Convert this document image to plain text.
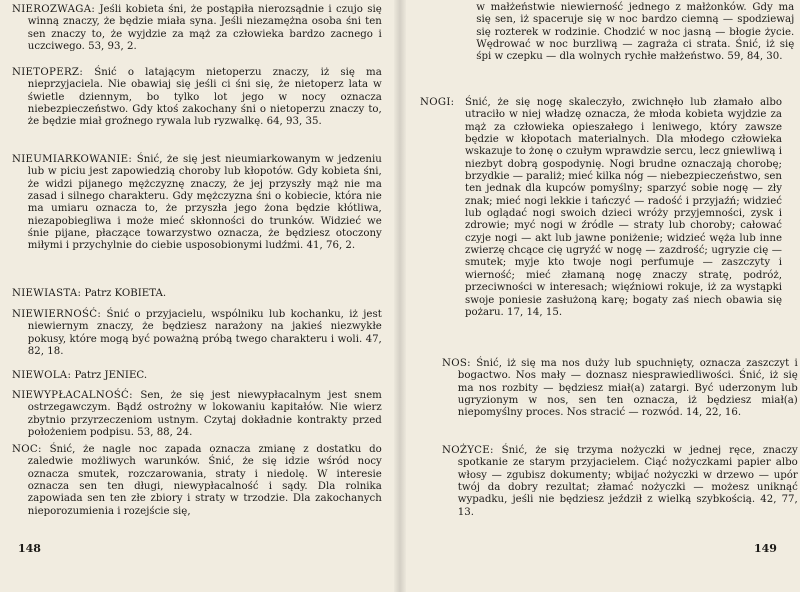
NIEROZWAGA: Jeśli kobieta śni, że postąpiła nierozsądnie i czujo się winną znaczy, że będzie miała syna. Jeśli niezamężna osoba śni ten sen znaczy to, że wyjdzie za mąż za człowieka bardzo zacnego i uczciwego. 53, 93, 2.
NIETOPERZ: Śnić o latającym nietoperzu znaczy, iż się ma nieprzyjaciela. Nie obawiaj się jeśli ci śni się, że nietoperz lata w świetle dziennym, bo tylko lot jego w nocy oznacza niebezpieczeństwo. Gdy ktoś zakochany śni o nietoperzu znaczy to, że będzie miał groźnego rywala lub ryzwalkę. 64, 93, 35.
NIEUMIARKOWANIE: Śnić, że się jest nieumiarkowanym w jedzeniu lub w piciu jest zapowiedzią choroby lub kłopotów. Gdy kobieta śni, że widzi pijanego mężczyznę znaczy, że jej przyszły mąż nie ma zasad i silnego charakteru. Gdy mężczyzna śni o kobiecie, która nie ma umiaru oznacza to, że przyszła jego żona będzie kłótliwa, niezapobiegliwa i może mieć skłonności do trunków. Widzieć we śnie pijane, płaczące towarzystwo oznacza, że będziesz otoczony miłymi i przychylnie do ciebie usposobionymi ludźmi. 41, 76, 2.
NIEWIASTA: Patrz KOBIETA.
NIEWIERNOŚĆ: Śnić o przyjacielu, wspólniku lub kochanku, iż jest niewiernym znaczy, że będziesz narażony na jakieś niezwykłe pokusy, które mogą być poważną próbą twego charakteru i woli. 47, 82, 18.
NIEWOLA: Patrz JENIEC.
NIEWYPŁACALNOŚĆ: Sen, że się jest niewypłacalnym jest snem ostrzegawczym. Bądź ostrożny w lokowaniu kapitałów. Nie wierz zbytnio przyrzeczeniom ustnym. Czytaj dokładnie kontrakty przed położeniem podpisu. 53, 88, 24.
NOC: Śnić, że nagle noc zapada oznacza zmianę z dostatku do zaledwie możliwych warunków. Śnić, że się idzie wśród nocy oznacza smutek, rozczarowania, straty i niedolę. W interesie oznacza sen ten długi, niewypłacalność i sądy. Dla rolnika zapowiada sen ten złe zbiory i straty w trzodzie. Dla zakochanych nieporozumienia i rozejście się,
148
w małżeństwie niewierność jednego z małżonków. Gdy ma się sen, iż spaceruje się w noc bardzo ciemną — spodziewaj się rozterek w rodzinie. Chodzić w noc jasną — błogie życie. Wędrować w noc burzliwą — zagraża ci strata. Śnić, iż się śpi w czepku — dla wolnych rychłe małżeństwo. 59, 84, 30.
NOGI: Śnić, że się nogę skaleczyło, zwichnęło lub złamało albo utraciło w niej władzę oznacza, że młoda kobieta wyjdzie za mąż za człowieka opieszałego i leniwego, który zawsze będzie w kłopotach materialnych. Dla młodego człowieka wskazuje to żonę o czułym wprawdzie sercu, lecz gniewliwą i niezbyt dobrą gospodynię. Nogi brudne oznaczają chorobę; brzydkie — paraliż; mieć kilka nóg — niebezpieczeństwo, sen ten jednak dla kupców pomyślny; sparzyć sobie nogę — zły znak; mieć nogi lekkie i tańczyć — radość i przyjaźń; widzieć lub oglądać nogi swoich dzieci wróży przyjemności, zysk i zdrowie; myć nogi w źródle — straty lub choroby; całować czyje nogi — akt lub jawne poniżenie; widzieć węża lub inne zwierzę chcące cię ugryźć w nogę — zazdrość; ugryzie cię — smutek; myje kto twoje nogi perfumuje — zaszczyty i wierność; mieć złamaną nogę znaczy stratę, podróż, przeciwności w interesach; więźniowi rokuje, iż za wystąpki swoje poniesie zasłużoną karę; bogaty zaś niech obawia się pożaru. 17, 14, 15.
NOS: Śnić, iż się ma nos duży lub spuchnięty, oznacza zaszczyt i bogactwo. Nos mały — doznasz niesprawiedliwości. Śnić, iż się ma nos rozbity — będziesz miał(a) zatargi. Być uderzonym lub ugryzionym w nos, sen ten oznacza, iż będziesz miał(a) niepomyślny proces. Nos stracić — rozwód. 14, 22, 16.
NOŻYCE: Śnić, że się trzyma nożyczki w jednej ręce, znaczy spotkanie ze starym przyjacielem. Ciąć nożyczkami papier albo włosy — zgubisz dokumenty; wbijać nożyczki w drzewo — upór twój da dobry rezultat; złamać nożyczki — możesz uniknąć wypadku, jeśli nie będziesz jeździł z wielką szybkością. 42, 77, 13.
149
